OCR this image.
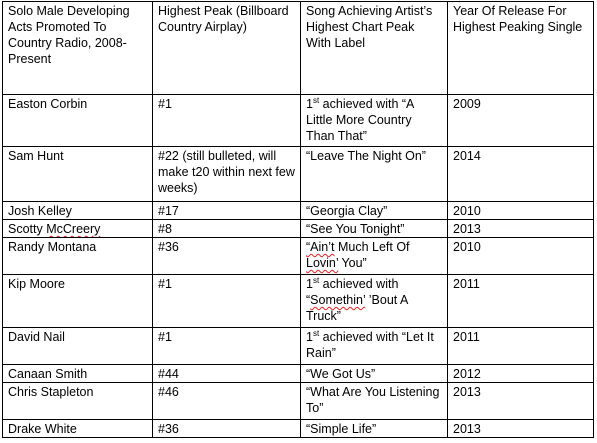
Solo Male Developing Acts Promoted To Country Radio, 2008-Present	Highest Peak (Billboard Country Airplay)	Song Achieving Artist’s Highest Chart Peak With Label	Year Of Release For Highest Peaking Single
Easton Corbin	#1	1st achieved with “A Little More Country Than That”	2009
Sam Hunt	#22 (still bulleted, will make t20 within next few weeks)	“Leave The Night On”	2014
Josh Kelley	#17	“Georgia Clay”	2010
Scotty McCreery	#8	“See You Tonight”	2013
Randy Montana	#36	“Ain’t Much Left Of Lovin’ You”	2010
Kip Moore	#1	1st achieved with “Somethin’ ’Bout A Truck”	2011
David Nail	#1	1st achieved with “Let It Rain”	2011
Canaan Smith	#44	“We Got Us”	2012
Chris Stapleton	#46	“What Are You Listening To”	2013
Drake White	#36	“Simple Life”	2013
